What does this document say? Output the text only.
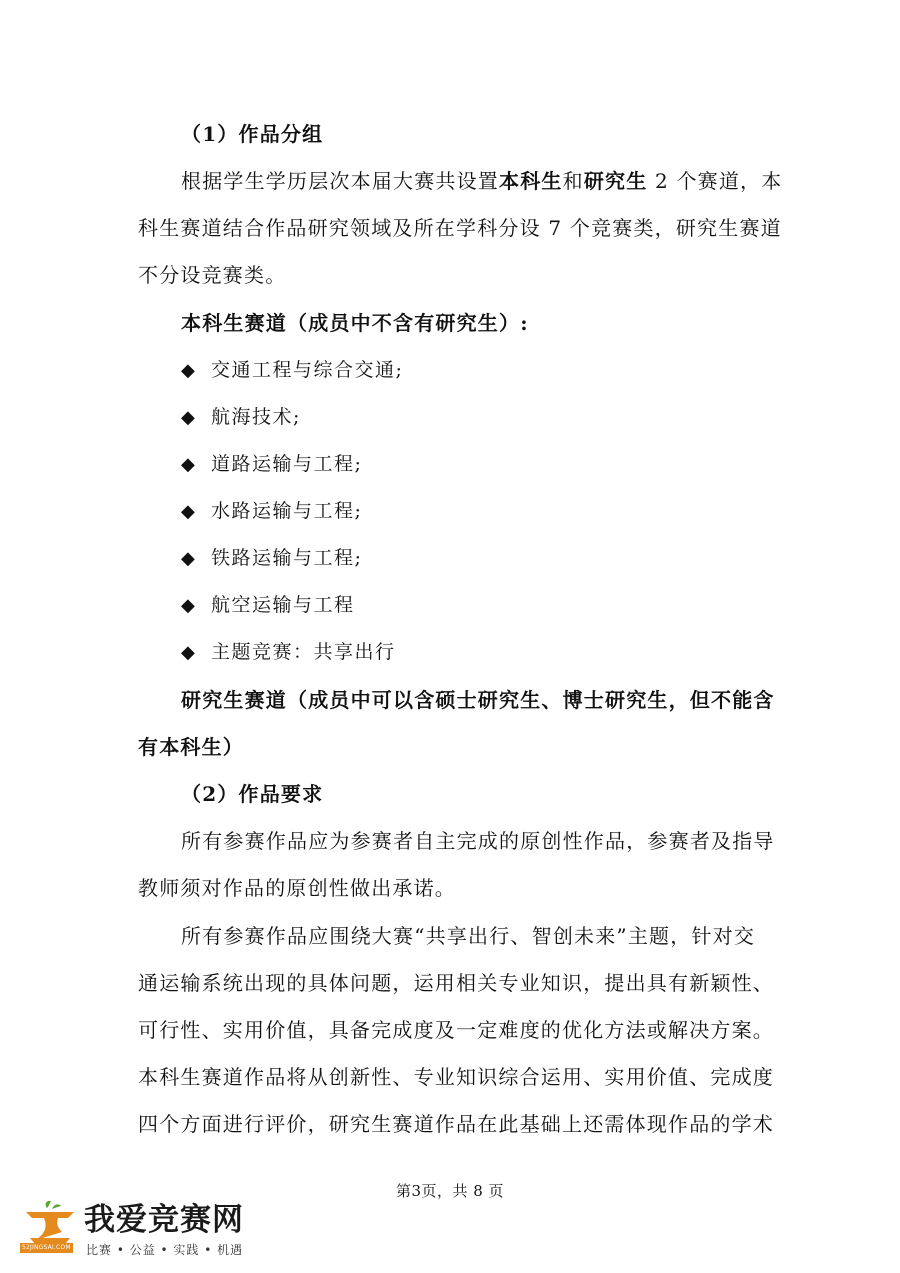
（1）作品分组
根据学生学历层次本届大赛共设置本科生和研究生 2 个赛道，本
科生赛道结合作品研究领域及所在学科分设 7 个竞赛类，研究生赛道
不分设竞赛类。
本科生赛道（成员中不含有研究生）:
◆ 交通工程与综合交通;
◆ 航海技术;
◆ 道路运输与工程;
◆ 水路运输与工程;
◆ 铁路运输与工程;
◆ 航空运输与工程
◆ 主题竞赛：共享出行
研究生赛道（成员中可以含硕士研究生、博士研究生，但不能含
有本科生）
（2）作品要求
所有参赛作品应为参赛者自主完成的原创性作品，参赛者及指导
教师须对作品的原创性做出承诺。
所有参赛作品应围绕大赛“共享出行、智创未来”主题，针对交
通运输系统出现的具体问题，运用相关专业知识，提出具有新颖性、
可行性、实用价值，具备完成度及一定难度的优化方法或解决方案。
本科生赛道作品将从创新性、专业知识综合运用、实用价值、完成度
四个方面进行评价，研究生赛道作品在此基础上还需体现作品的学术
第3页，共 8 页
52JINGSAI.COM
我爱竞赛网
比赛 • 公益 • 实践 • 机遇
